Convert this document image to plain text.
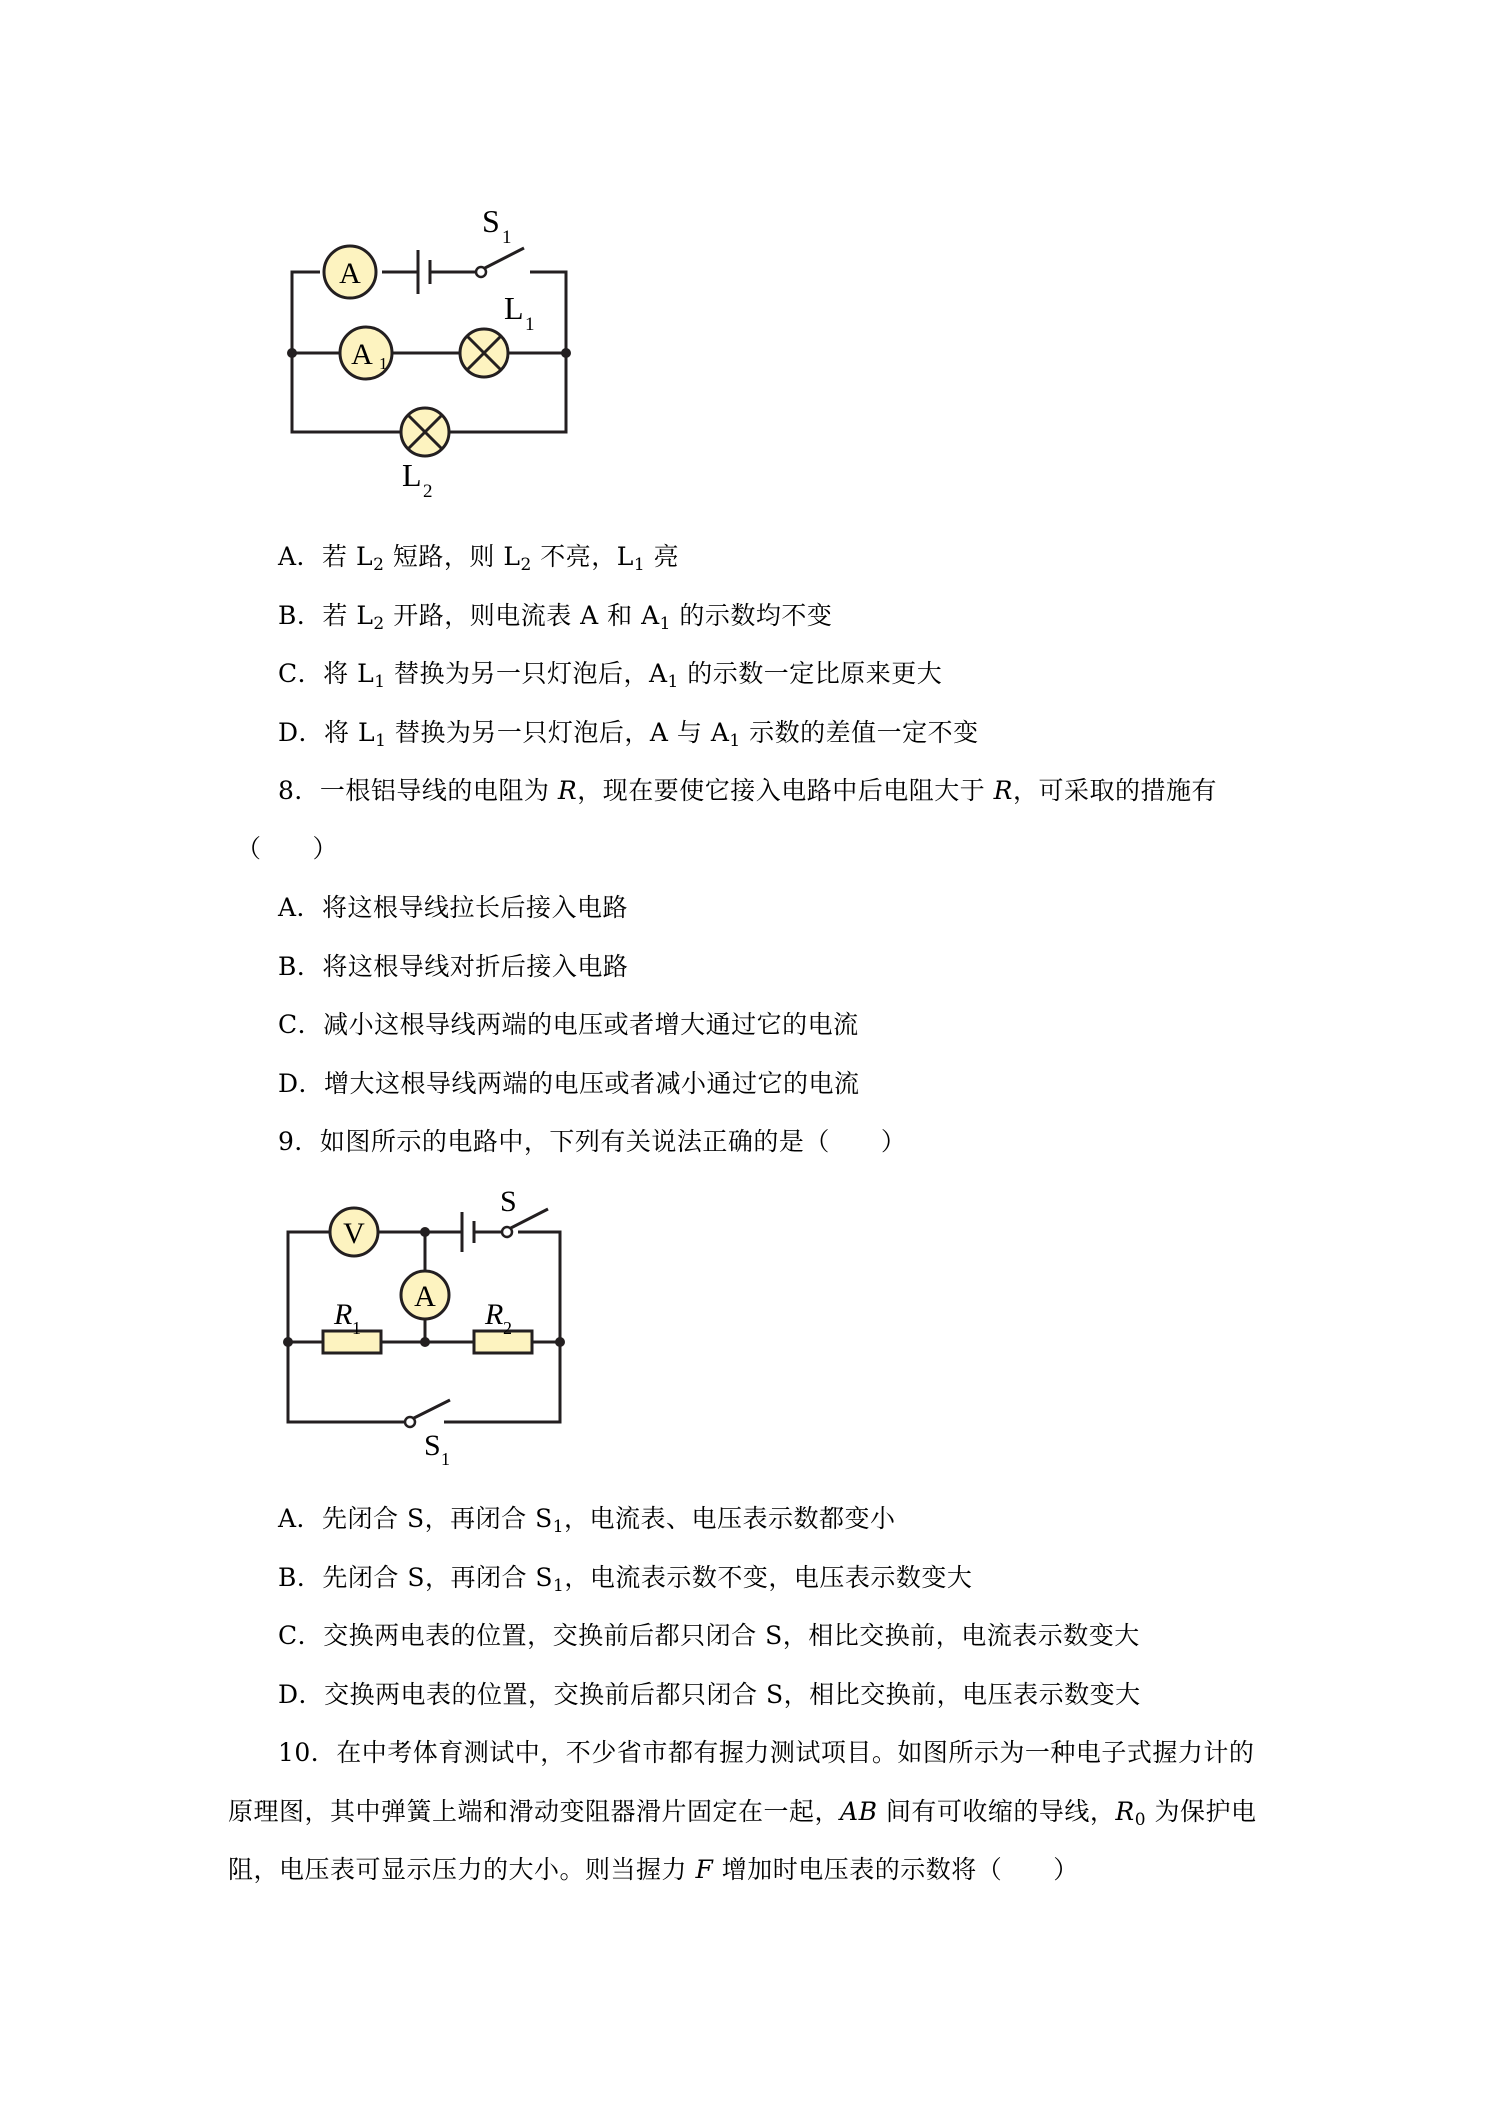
A
A 1
S 1
L 1
L 2
A．若 $L_2$ 短路，则 $L_2$ 不亮，$L_1$ 亮
B．若 $L_2$ 开路，则电流表 A 和 $A_1$ 的示数均不变
C．将 $L_1$ 替换为另一只灯泡后，$A_1$ 的示数一定比原来更大
D．将 $L_1$ 替换为另一只灯泡后，A 与 $A_1$ 示数的差值一定不变
8．一根铝导线的电阻为 R，现在要使它接入电路中后电阻大于 R，可采取的措施有
（　　）
A．将这根导线拉长后接入电路
B．将这根导线对折后接入电路
C．减小这根导线两端的电压或者增大通过它的电流
D．增大这根导线两端的电压或者减小通过它的电流
9．如图所示的电路中，下列有关说法正确的是（　　）
V
A
S
R 1	R 2
S 1
A．先闭合 S，再闭合 $S_1$，电流表、电压表示数都变小
B．先闭合 S，再闭合 $S_1$，电流表示数不变，电压表示数变大
C．交换两电表的位置，交换前后都只闭合 S，相比交换前，电流表示数变大
D．交换两电表的位置，交换前后都只闭合 S，相比交换前，电压表示数变大
10．在中考体育测试中，不少省市都有握力测试项目。如图所示为一种电子式握力计的
原理图，其中弹簧上端和滑动变阻器滑片固定在一起，AB 间有可收缩的导线，$R_0$ 为保护电
阻，电压表可显示压力的大小。则当握力 F 增加时电压表的示数将（　　）
